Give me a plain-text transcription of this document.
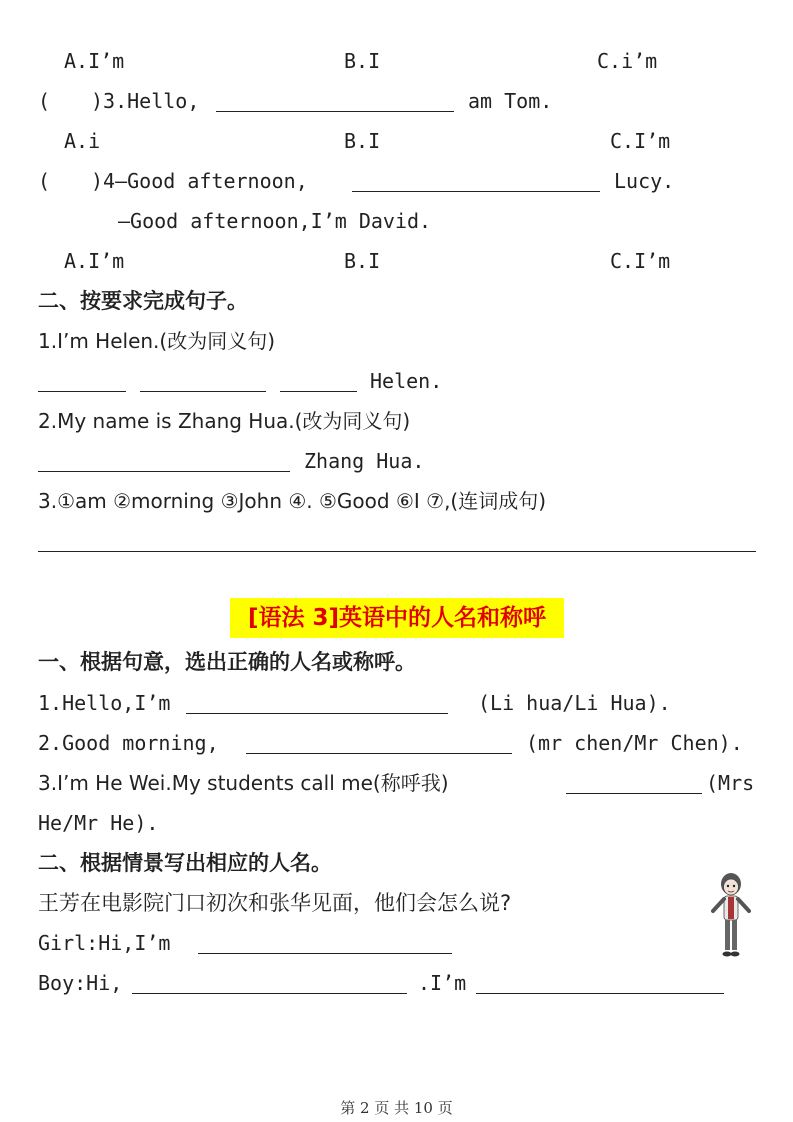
A.I’m	B.I	C.i’m
( )3.Hello,	am Tom.
A.i	B.I	C.I’m
( )4—Good afternoon,	Lucy.
—Good afternoon,I’m David.
A.I’m	B.I	C.I’m
二、按要求完成句子。
1.I’m Helen.(改为同义句)
Helen.
2.My name is Zhang Hua.(改为同义句)
Zhang Hua.
3.①am ②morning ③John ④. ⑤Good ⑥I ⑦,(连词成句)
[语法 3]英语中的人名和称呼
一、根据句意，选出正确的人名或称呼。
1.Hello,I’m	(Li hua/Li Hua).
2.Good morning,	(mr chen/Mr Chen).
3.I’m He Wei.My students call me(称呼我)	(Mrs
He/Mr He).
二、根据情景写出相应的人名。
王芳在电影院门口初次和张华见面，他们会怎么说?
Girl:Hi,I’m
Boy:Hi,	.I’m
第 2 页 共 10 页
